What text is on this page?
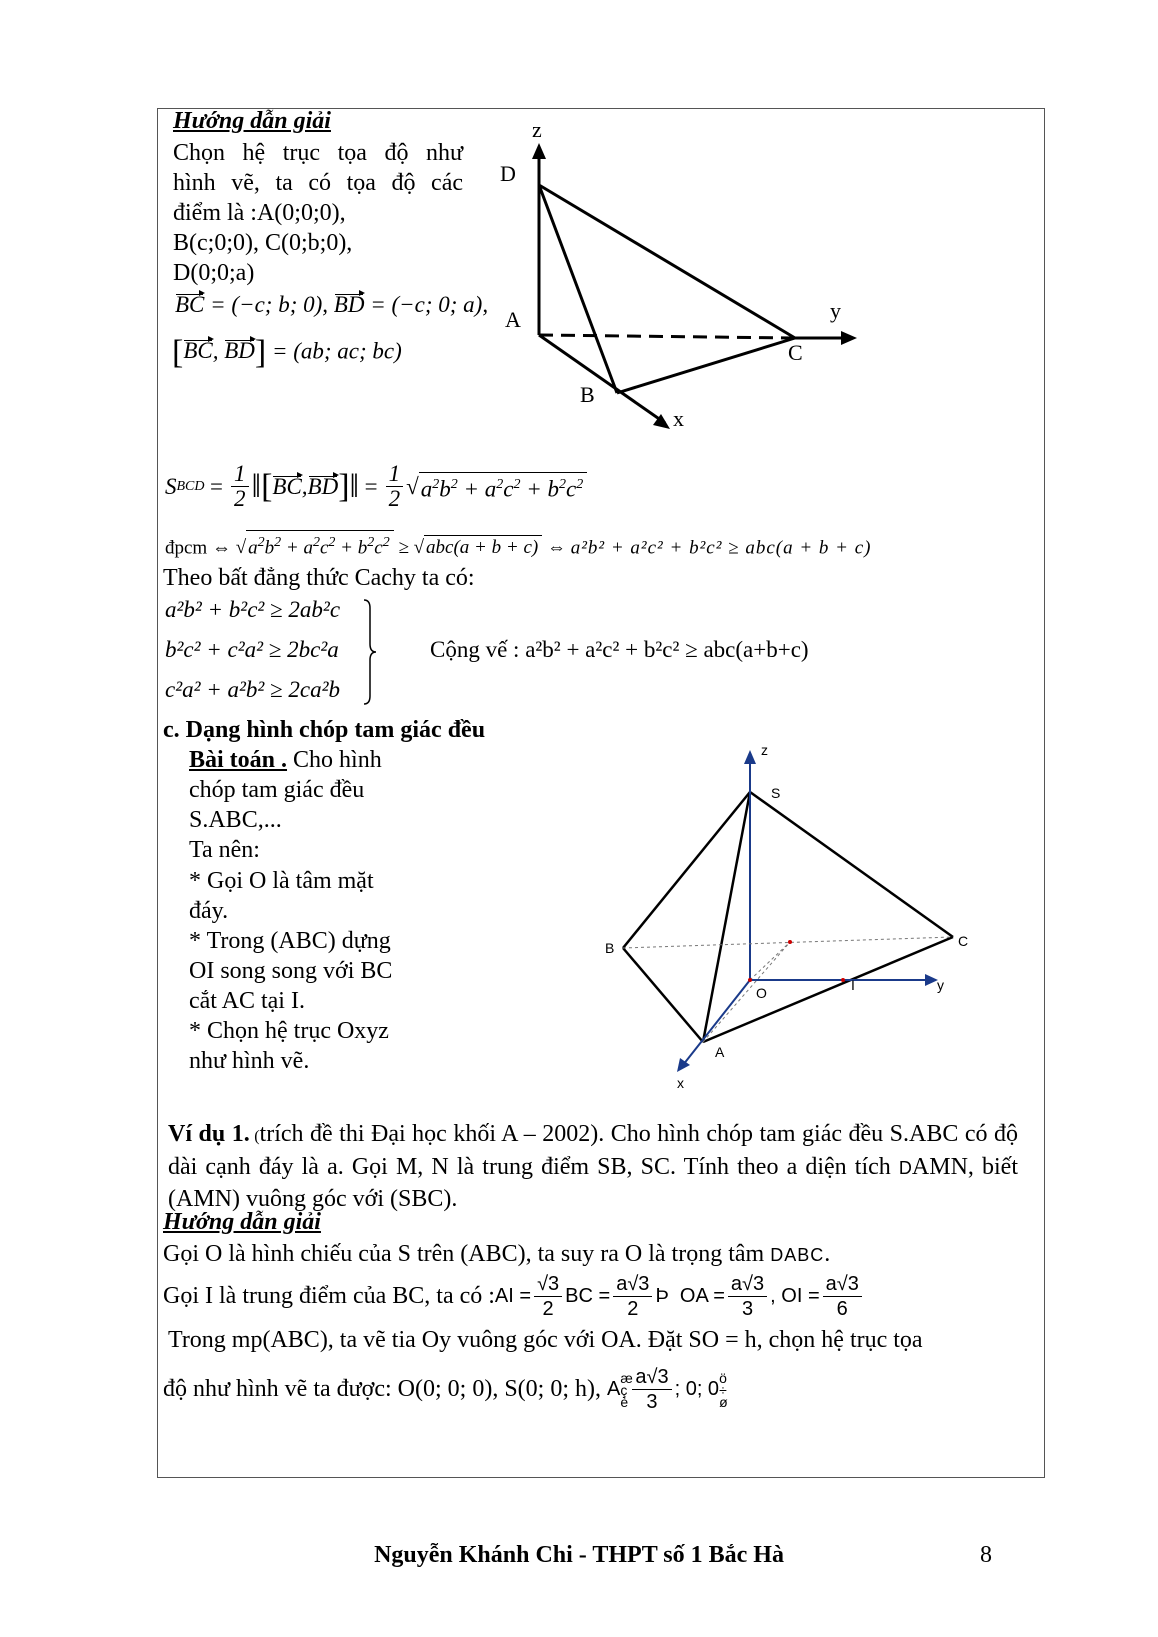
Hướng dẫn giải
Chọn hệ trục tọa độ như
hình vẽ, ta có tọa độ các
điểm là :A(0;0;0),
B(c;0;0), C(0;b;0),
D(0;0;a)
BC = (−c; b; 0), BD = (−c; 0; a),
[BC, BD] = (ab; ac; bc)
z
D
A	y
C
B
x
S BCD = $\frac{1}{2}$ ‖ [ BC , BD ] ‖ = $\frac{1}{2}$ √ $a^2b^2 + a^2c^2 + b^2c^2$
đpcm ⇔ √ $a^2b^2 + a^2c^2 + b^2c^2$ ≥ √ abc(a + b + c) ⇔ a²b² + a²c² + b²c² ≥ abc(a + b + c)
Theo bất đẳng thức Cachy ta có:
a²b² + b²c² ≥ 2ab²c
b²c² + c²a² ≥ 2bc²a
c²a² + a²b² ≥ 2ca²b
Cộng vế : a²b² + a²c² + b²c² ≥ abc(a+b+c)
c. Dạng hình chóp tam giác đều
Bài toán . Cho hình
chóp tam giác đều
S.ABC,...
Ta nên:
* Gọi O là tâm mặt
đáy.
* Trong (ABC) dựng
OI song song với BC
cắt AC tại I.
* Chọn hệ trục Oxyz
như hình vẽ.
z
S
B	C
O	I	y
A
x
Ví dụ 1. (trích đề thi Đại học khối A – 2002). Cho hình chóp tam giác đều S.ABC có độ dài cạnh đáy là a. Gọi M, N là trung điểm SB, SC. Tính theo a diện tích DAMN, biết (AMN) vuông góc với (SBC).
Hướng dẫn giải
Gọi O là hình chiếu của S trên (ABC), ta suy ra O là trọng tâm DABC.
Gọi I là trung điểm của BC, ta có : AI = $\frac{√3}{2}$ BC = $\frac{a√3}{2}$ Þ  OA = $\frac{a√3}{3}$ , OI = $\frac{a√3}{6}$
Trong mp(ABC), ta vẽ tia Oy vuông góc với OA. Đặt SO = h, chọn hệ trục tọa
độ như hình vẽ ta được: O(0; 0; 0), S(0; 0; h), A
æ
ç
è $\frac{a√3}{3}$ ; 0; 0
ö
÷
ø
Nguyễn Khánh Chi - THPT số 1 Bắc Hà	8
